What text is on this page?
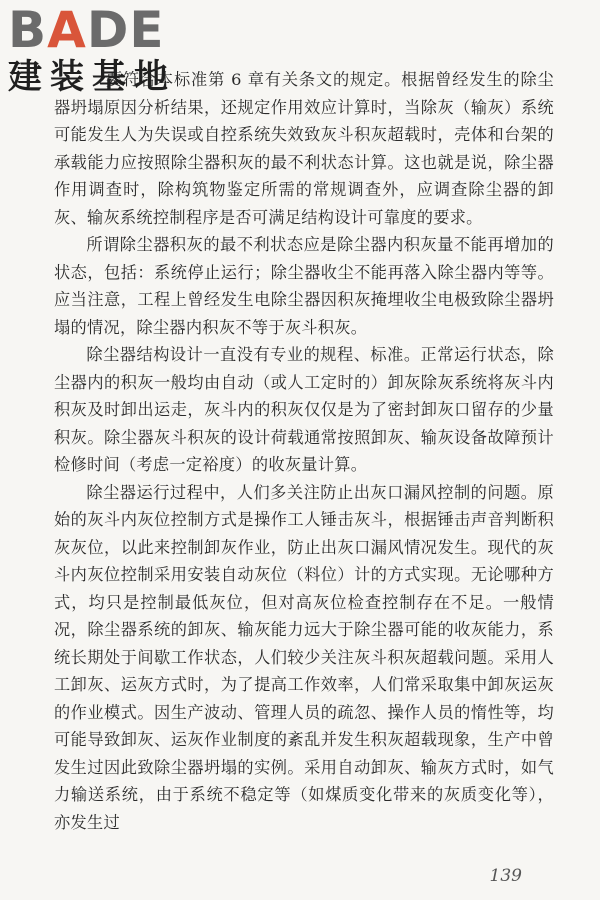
BADE
建装基地

要符合本标准第 6 章有关条文的规定。根据曾经发生的除尘器坍塌原因分析结果，还规定作用效应计算时，当除灰（输灰）系统可能发生人为失误或自控系统失效致灰斗积灰超载时，壳体和台架的承载能力应按照除尘器积灰的最不利状态计算。这也就是说，除尘器作用调查时，除构筑物鉴定所需的常规调查外，应调查除尘器的卸灰、输灰系统控制程序是否可满足结构设计可靠度的要求。

所谓除尘器积灰的最不利状态应是除尘器内积灰量不能再增加的状态，包括：系统停止运行；除尘器收尘不能再落入除尘器内等等。应当注意，工程上曾经发生电除尘器因积灰掩埋收尘电极致除尘器坍塌的情况，除尘器内积灰不等于灰斗积灰。

除尘器结构设计一直没有专业的规程、标准。正常运行状态，除尘器内的积灰一般均由自动（或人工定时的）卸灰除灰系统将灰斗内积灰及时卸出运走，灰斗内的积灰仅仅是为了密封卸灰口留存的少量积灰。除尘器灰斗积灰的设计荷载通常按照卸灰、输灰设备故障预计检修时间（考虑一定裕度）的收灰量计算。

除尘器运行过程中，人们多关注防止出灰口漏风控制的问题。原始的灰斗内灰位控制方式是操作工人锤击灰斗，根据锤击声音判断积灰灰位，以此来控制卸灰作业，防止出灰口漏风情况发生。现代的灰斗内灰位控制采用安装自动灰位（料位）计的方式实现。无论哪种方式，均只是控制最低灰位，但对高灰位检查控制存在不足。一般情况，除尘器系统的卸灰、输灰能力远大于除尘器可能的收灰能力，系统长期处于间歇工作状态，人们较少关注灰斗积灰超载问题。采用人工卸灰、运灰方式时，为了提高工作效率，人们常采取集中卸灰运灰的作业模式。因生产波动、管理人员的疏忽、操作人员的惰性等，均可能导致卸灰、运灰作业制度的紊乱并发生积灰超载现象，生产中曾发生过因此致除尘器坍塌的实例。采用自动卸灰、输灰方式时，如气力输送系统，由于系统不稳定等（如煤质变化带来的灰质变化等），亦发生过

139
